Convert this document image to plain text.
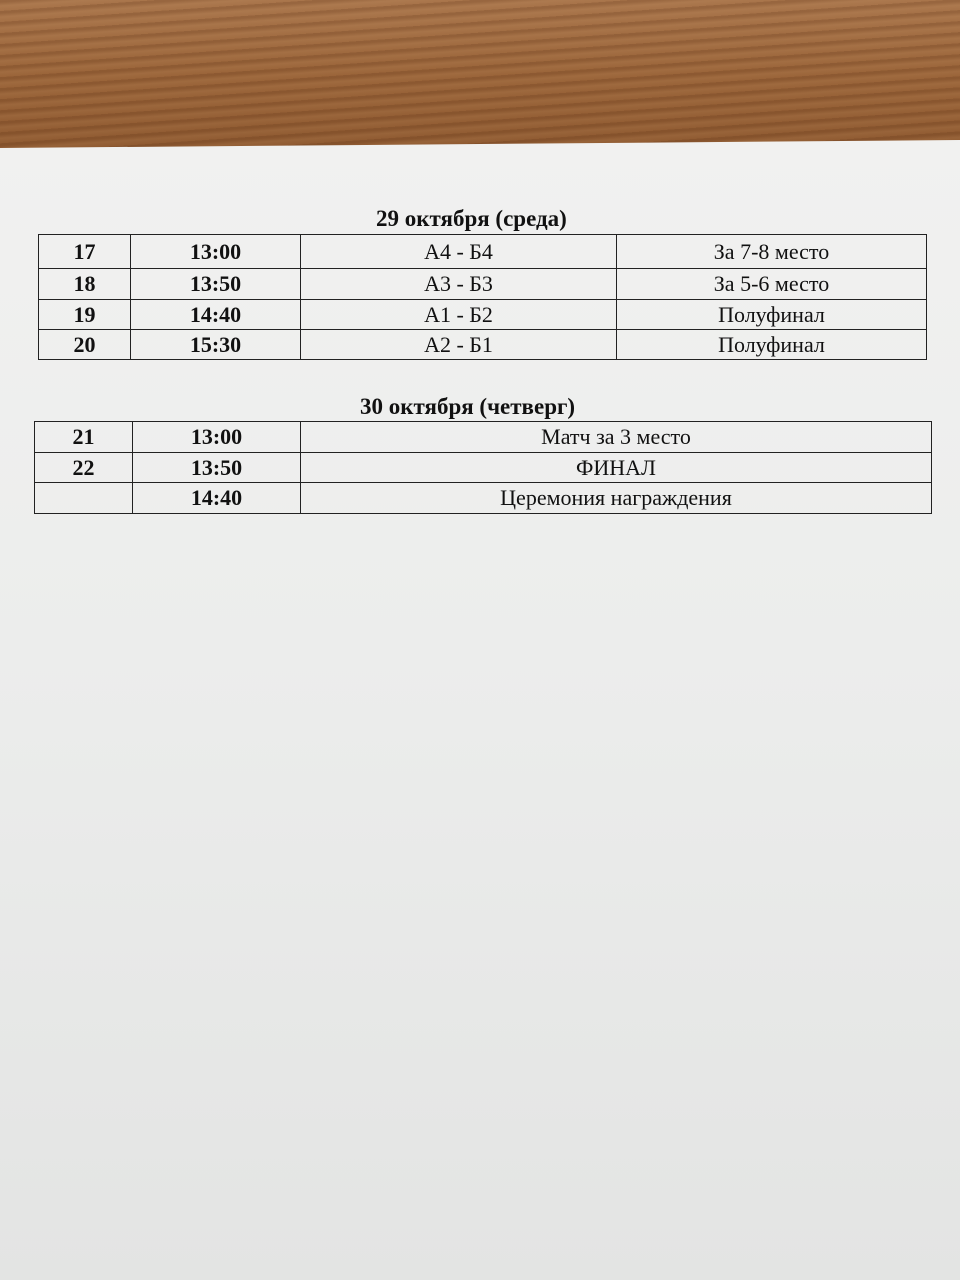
29 октября (среда)
17	13:00	А4 - Б4	За 7-8 место
18	13:50	А3 - Б3	За 5-6 место
19	14:40	А1 - Б2	Полуфинал
20	15:30	А2 - Б1	Полуфинал
30 октября (четверг)
21	13:00	Матч за 3 место
22	13:50	ФИНАЛ
	14:40	Церемония награждения
